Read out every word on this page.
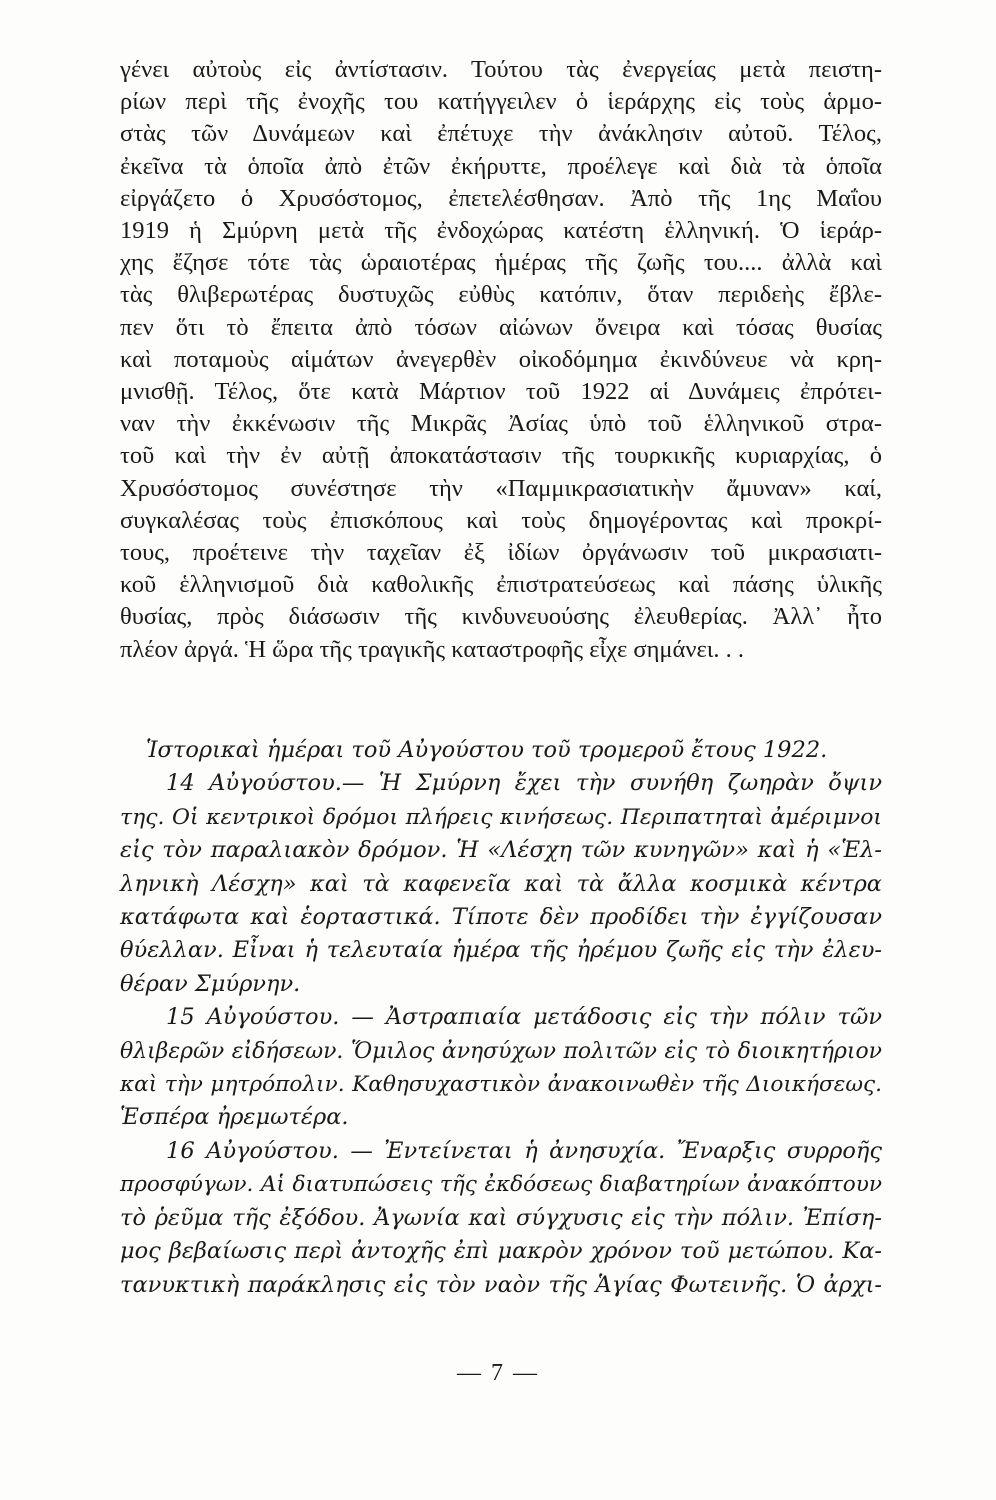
γένει αὐτοὺς εἰς ἀντίστασιν. Τούτου τὰς ἐνεργείας μετὰ πειστη-
ρίων περὶ τῆς ἐνοχῆς του κατήγγειλεν ὁ ἱεράρχης εἰς τοὺς ἁρμο-
στὰς τῶν Δυνάμεων καὶ ἐπέτυχε τὴν ἀνάκλησιν αὐτοῦ. Τέλος,
ἐκεῖνα τὰ ὁποῖα ἀπὸ ἐτῶν ἐκήρυττε, προέλεγε καὶ διὰ τὰ ὁποῖα
εἰργάζετο ὁ Χρυσόστομος, ἐπετελέσθησαν. Ἀπὸ τῆς 1ης Μαΐου
1919 ἡ Σμύρνη μετὰ τῆς ἐνδοχώρας κατέστη ἑλληνική. Ὁ ἱεράρ-
χης ἔζησε τότε τὰς ὡραιοτέρας ἡμέρας τῆς ζωῆς του.... ἀλλὰ καὶ
τὰς θλιβερωτέρας δυστυχῶς εὐθὺς κατόπιν, ὅταν περιδεὴς ἔβλε-
πεν ὅτι τὸ ἔπειτα ἀπὸ τόσων αἰώνων ὄνειρα καὶ τόσας θυσίας
καὶ ποταμοὺς αἱμάτων ἀνεγερθὲν οἰκοδόμημα ἐκινδύνευε νὰ κρη-
μνισθῇ. Τέλος, ὅτε κατὰ Μάρτιον τοῦ 1922 αἱ Δυνάμεις ἐπρότει-
ναν τὴν ἐκκένωσιν τῆς Μικρᾶς Ἀσίας ὑπὸ τοῦ ἑλληνικοῦ στρα-
τοῦ καὶ τὴν ἐν αὐτῇ ἀποκατάστασιν τῆς τουρκικῆς κυριαρχίας, ὁ
Χρυσόστομος συνέστησε τὴν «Παμμικρασιατικὴν ἄμυναν» καί,
συγκαλέσας τοὺς ἐπισκόπους καὶ τοὺς δημογέροντας καὶ προκρί-
τους, προέτεινε τὴν ταχεῖαν ἐξ ἰδίων ὀργάνωσιν τοῦ μικρασιατι-
κοῦ ἑλληνισμοῦ διὰ καθολικῆς ἐπιστρατεύσεως καὶ πάσης ὑλικῆς
θυσίας, πρὸς διάσωσιν τῆς κινδυνευούσης ἐλευθερίας. Ἀλλ᾽ ἦτο
πλέον ἀργά. Ἡ ὥρα τῆς τραγικῆς καταστροφῆς εἶχε σημάνει. . .
Ἱστορικαὶ ἡμέραι τοῦ Αὐγούστου τοῦ τρομεροῦ ἔτους 1922.
14 Αὐγούστου.— Ἡ Σμύρνη ἔχει τὴν συνήθη ζωηρὰν ὄψιν
της. Οἱ κεντρικοὶ δρόμοι πλήρεις κινήσεως. Περιπατηταὶ ἀμέριμνοι
εἰς τὸν παραλιακὸν δρόμον. Ἡ «Λέσχη τῶν κυνηγῶν» καὶ ἡ «Ἑλ-
ληνικὴ Λέσχη» καὶ τὰ καφενεῖα καὶ τὰ ἄλλα κοσμικὰ κέντρα
κατάφωτα καὶ ἑορταστικά. Τίποτε δὲν προδίδει τὴν ἐγγίζουσαν
θύελλαν. Εἶναι ἡ τελευταία ἡμέρα τῆς ἠρέμου ζωῆς εἰς τὴν ἐλευ-
θέραν Σμύρνην.
15 Αὐγούστου. — Ἀστραπιαία μετάδοσις εἰς τὴν πόλιν τῶν
θλιβερῶν εἰδήσεων. Ὅμιλος ἀνησύχων πολιτῶν εἰς τὸ διοικητήριον
καὶ τὴν μητρόπολιν. Καθησυχαστικὸν ἀνακοινωθὲν τῆς Διοικήσεως.
Ἑσπέρα ἠρεμωτέρα.
16 Αὐγούστου. — Ἐντείνεται ἡ ἀνησυχία. Ἔναρξις συρροῆς
προσφύγων. Αἱ διατυπώσεις τῆς ἐκδόσεως διαβατηρίων ἀνακόπτουν
τὸ ῥεῦμα τῆς ἐξόδου. Ἀγωνία καὶ σύγχυσις εἰς τὴν πόλιν. Ἐπίση-
μος βεβαίωσις περὶ ἀντοχῆς ἐπὶ μακρὸν χρόνον τοῦ μετώπου. Κα-
τανυκτικὴ παράκλησις εἰς τὸν ναὸν τῆς Ἁγίας Φωτεινῆς. Ὁ ἀρχι-
— 7 —
